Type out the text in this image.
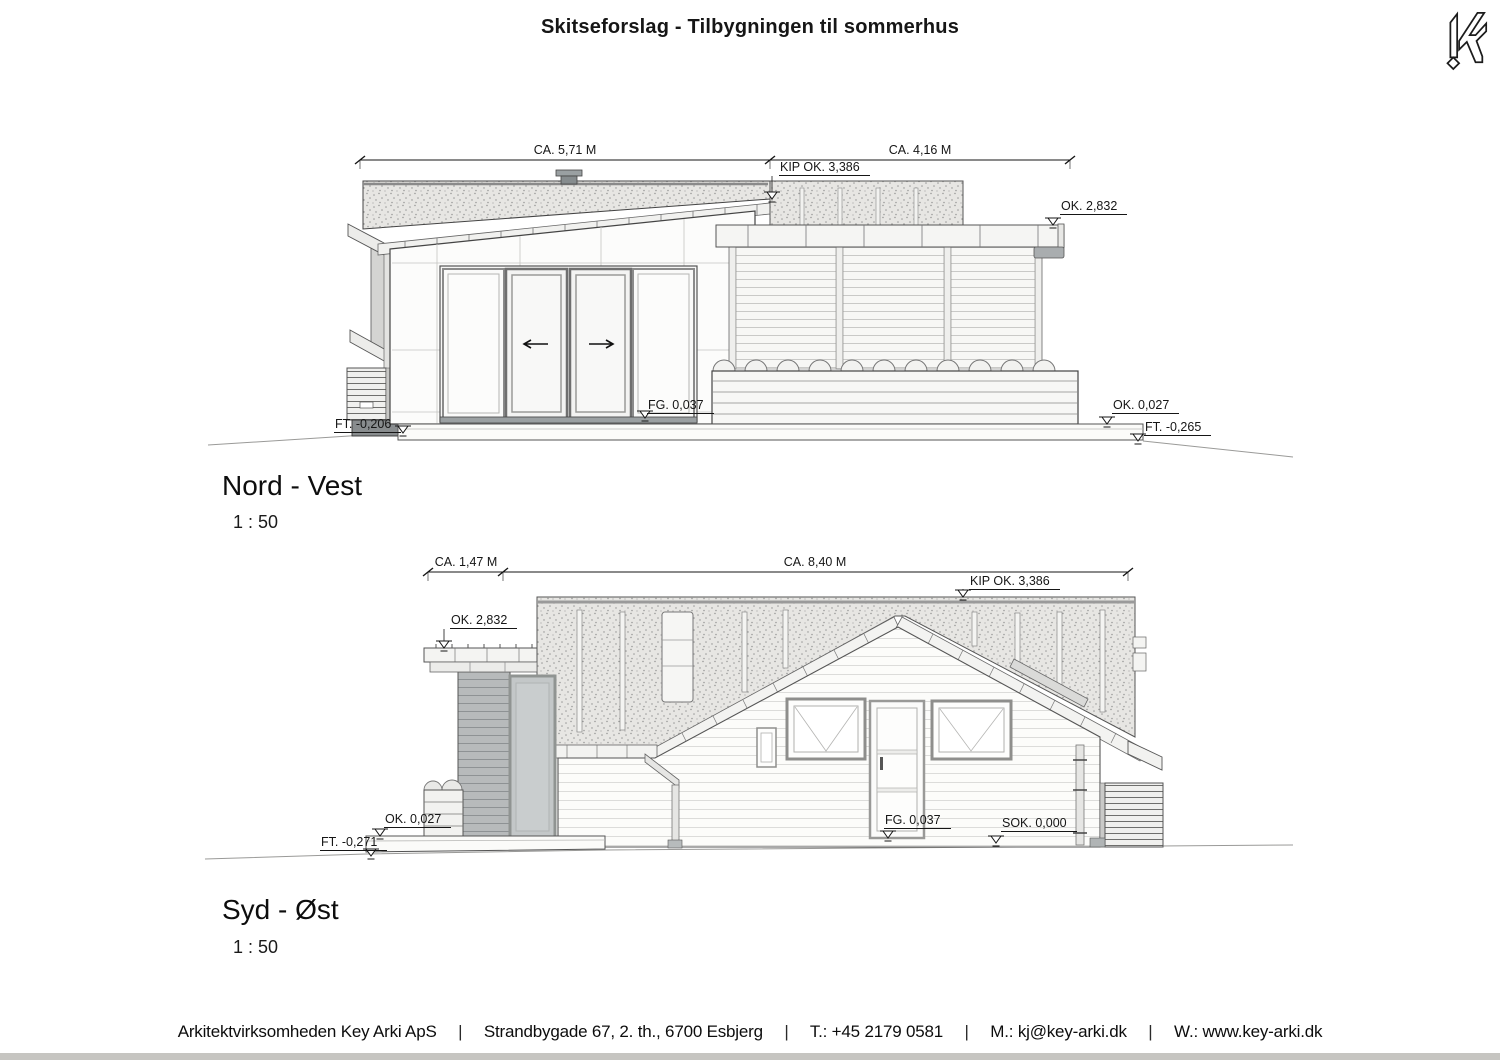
Skitseforslag - Tilbygningen til sommerhus
CA. 5,71 M	CA. 4,16 M
KIP OK. 3,386
OK. 2,832
FG. 0,037	OK. 0,027
FT. -0,206	FT. -0,265
Nord - Vest
1 : 50
CA. 1,47 M	CA. 8,40 M
KIP OK. 3,386
OK. 2,832
OK. 0,027
FT. -0,271
FG. 0,037	SOK. 0,000
Syd - Øst
1 : 50
Arkitektvirksomheden Key Arki ApS | Strandbygade 67, 2. th., 6700 Esbjerg | T.: +45 2179 0581 | M.: kj@key-arki.dk | W.: www.key-arki.dk
